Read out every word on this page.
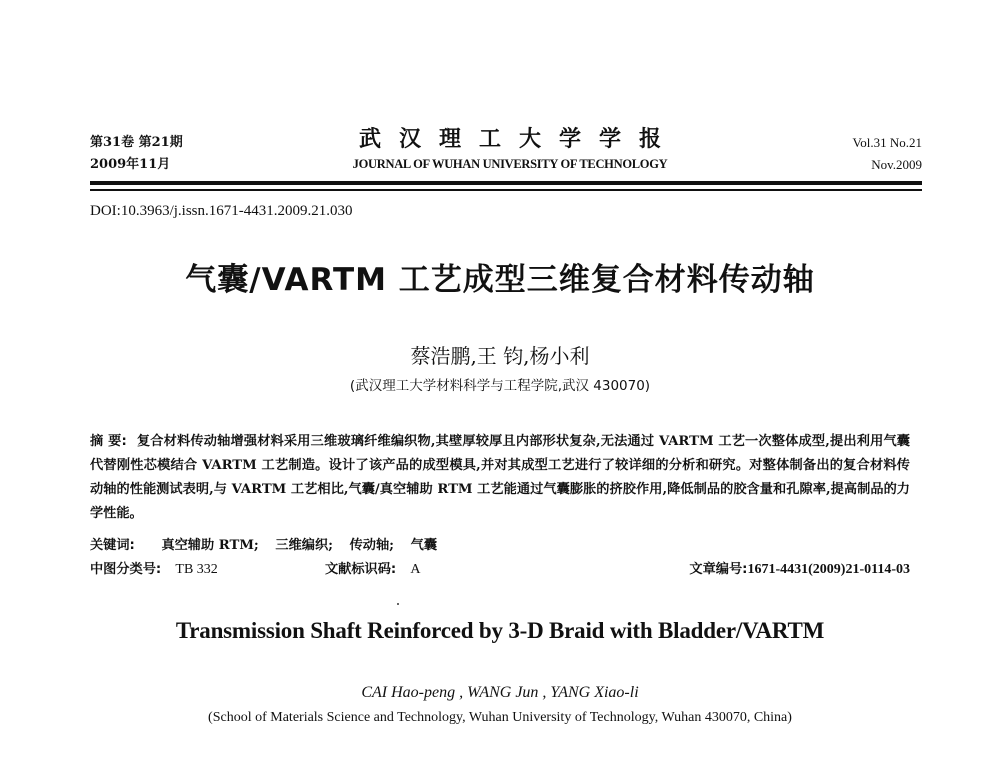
第31卷 第21期
2009年11月
武汉理工大学学报
JOURNAL OF WUHAN UNIVERSITY OF TECHNOLOGY
Vol.31 No.21
Nov.2009
DOI:10.3963/j.issn.1671-4431.2009.21.030
气囊/VARTM 工艺成型三维复合材料传动轴
蔡浩鹏,王 钧,杨小利
(武汉理工大学材料科学与工程学院,武汉 430070)
摘 要: 复合材料传动轴增强材料采用三维玻璃纤维编织物,其壁厚较厚且内部形状复杂,无法通过 VARTM 工艺一次整体成型,提出利用气囊代替刚性芯模结合 VARTM 工艺制造。设计了该产品的成型模具,并对其成型工艺进行了较详细的分析和研究。对整体制备出的复合材料传动轴的性能测试表明,与 VARTM 工艺相比,气囊/真空辅助 RTM 工艺能通过气囊膨胀的挤胶作用,降低制品的胶含量和孔隙率,提高制品的力学性能。
关键词: 真空辅助 RTM; 三维编织; 传动轴; 气囊
中图分类号: TB 332	文献标识码: A	文章编号:1671-4431(2009)21-0114-03
Transmission Shaft Reinforced by 3-D Braid with Bladder/VARTM
CAI Hao-peng , WANG Jun , YANG Xiao-li
(School of Materials Science and Technology, Wuhan University of Technology, Wuhan 430070, China)
